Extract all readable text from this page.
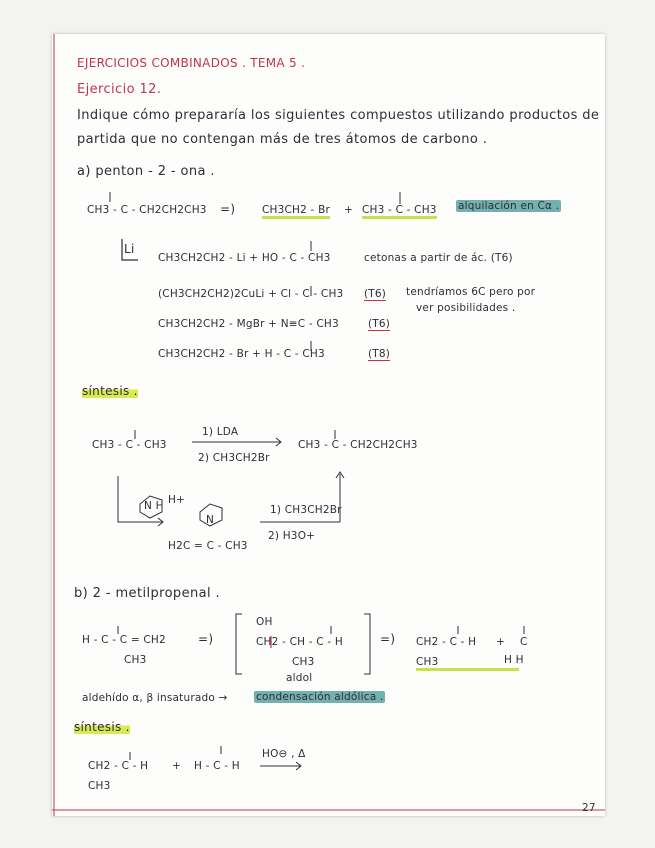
EJERCICIOS COMBINADOS . TEMA 5 .
Ejercicio 12.
Indique cómo prepararía los siguientes compuestos utilizando productos de
partida que no contengan más de tres átomos de carbono .
a) penton - 2 - ona .
CH3 - C - CH2CH2CH3 =)	CH3CH2 - Br + CH3 - C - CH3 alquilación en Cα .
Li
CH3CH2CH2 - Li + HO - C - CH3	cetonas a partir de ác. (T6)
(CH3CH2CH2)2CuLi + Cl - C - CH3 (T6) tendríamos 6C pero por
ver posibilidades .
CH3CH2CH2 - MgBr + N≡C - CH3	(T6)
CH3CH2CH2 - Br + H - C - CH3	(T8)
síntesis .
CH3 - C - CH3
1) LDA
2) CH3CH2Br
CH3 - C - CH2CH2CH3
N H H+
N
H2C = C - CH3
1) CH3CH2Br
2) H3O+
b) 2 - metilpropenal .
H - C - C = CH2
CH3
=)
OH
CH2 - CH - C - H
CH3
aldol
=) CH2 - C - H
CH3
+ C
H H
aldehído α, β insaturado →	condensación aldólica .
síntesis .
CH2 - C - H
CH3
+ H - C - H
HO⊖ , Δ
27
